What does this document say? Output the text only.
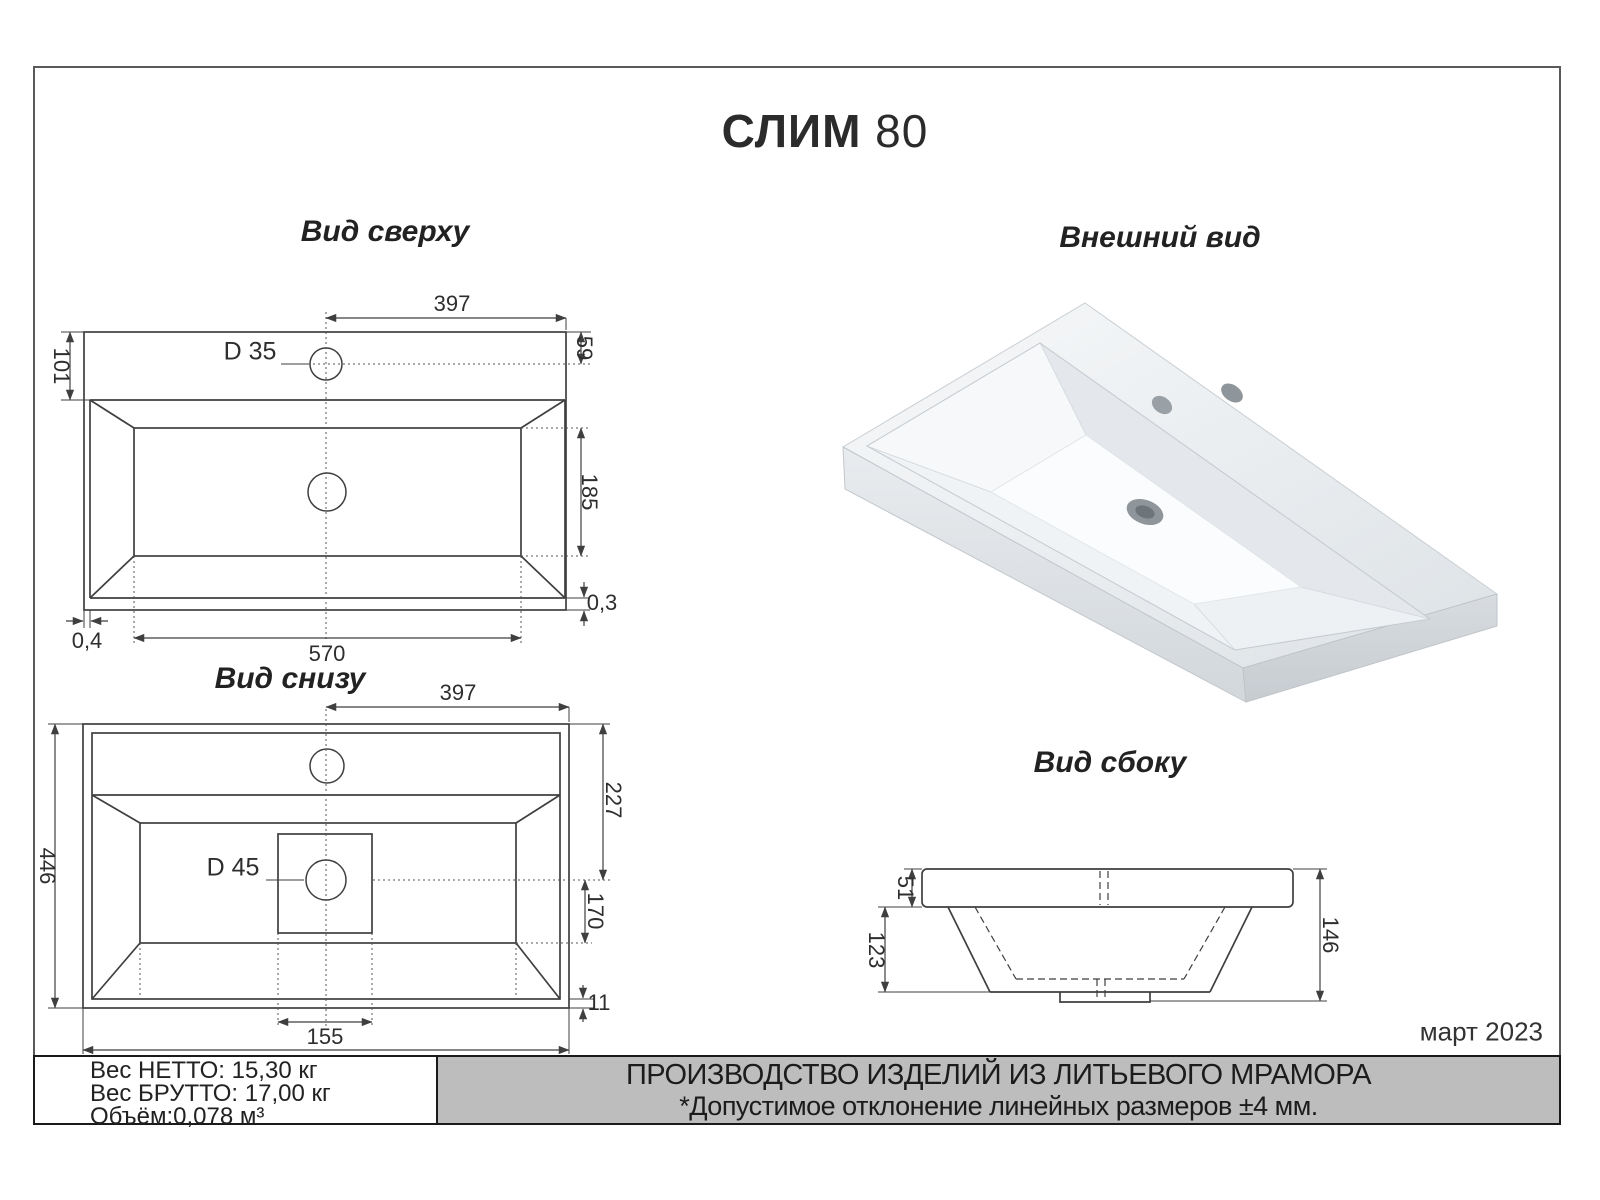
СЛИМ 80
Вид сверху	Внешний вид
Вид снизу
Вид сбоку
397
59
101	D 35
185
0,3
0,4
570
397
446
227
D 45
170
11
155
51
123	146
март 2023
Вес НЕТТО: 15,30 кг
Вес БРУТТО: 17,00 кг
Объём:0,078 м³
ПРОИЗВОДСТВО ИЗДЕЛИЙ ИЗ ЛИТЬЕВОГО МРАМОРА
*Допустимое отклонение линейных размеров ±4 мм.
